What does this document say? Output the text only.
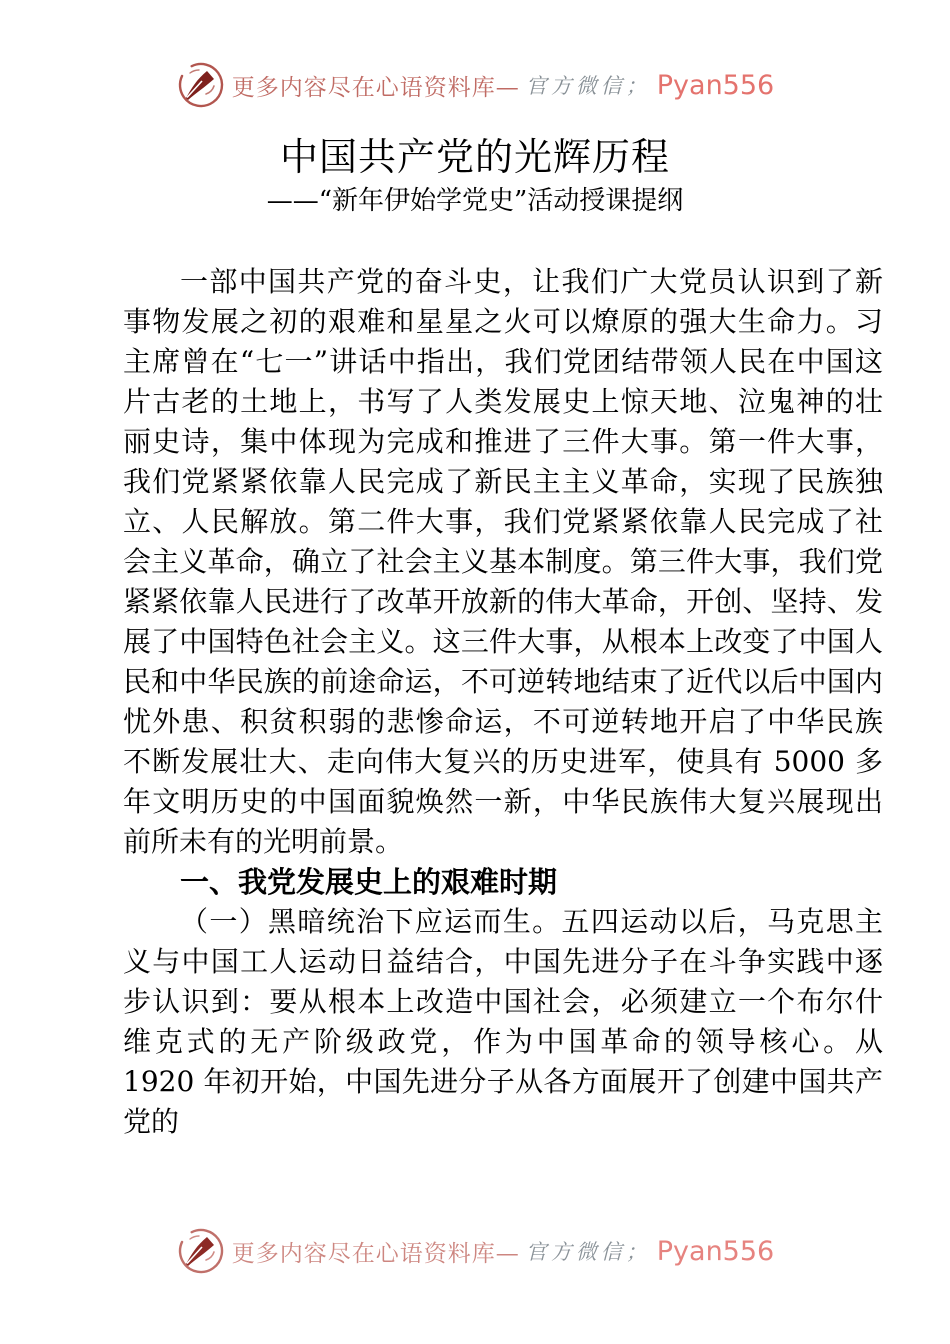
更多内容尽在心语资料库— 官方微信； Pyan556
中国共产党的光辉历程
——“新年伊始学党史”活动授课提纲
一部中国共产党的奋斗史，让我们广大党员认识到了新
事物发展之初的艰难和星星之火可以燎原的强大生命力。习
主席曾在“七一”讲话中指出，我们党团结带领人民在中国这
片古老的土地上，书写了人类发展史上惊天地、泣鬼神的壮
丽史诗，集中体现为完成和推进了三件大事。第一件大事，
我们党紧紧依靠人民完成了新民主主义革命，实现了民族独
立、人民解放。第二件大事，我们党紧紧依靠人民完成了社
会主义革命，确立了社会主义基本制度。第三件大事，我们党
紧紧依靠人民进行了改革开放新的伟大革命，开创、坚持、发
展了中国特色社会主义。这三件大事，从根本上改变了中国人
民和中华民族的前途命运，不可逆转地结束了近代以后中国内
忧外患、积贫积弱的悲惨命运，不可逆转地开启了中华民族
不断发展壮大、走向伟大复兴的历史进军，使具有 5000 多
年文明历史的中国面貌焕然一新，中华民族伟大复兴展现出
前所未有的光明前景。
一、我党发展史上的艰难时期
（一）黑暗统治下应运而生。五四运动以后，马克思主
义与中国工人运动日益结合，中国先进分子在斗争实践中逐
步认识到：要从根本上改造中国社会，必须建立一个布尔什
维克式的无产阶级政党，作为中国革命的领导核心。从
1920 年初开始，中国先进分子从各方面展开了创建中国共产
党的
更多内容尽在心语资料库— 官方微信； Pyan556
